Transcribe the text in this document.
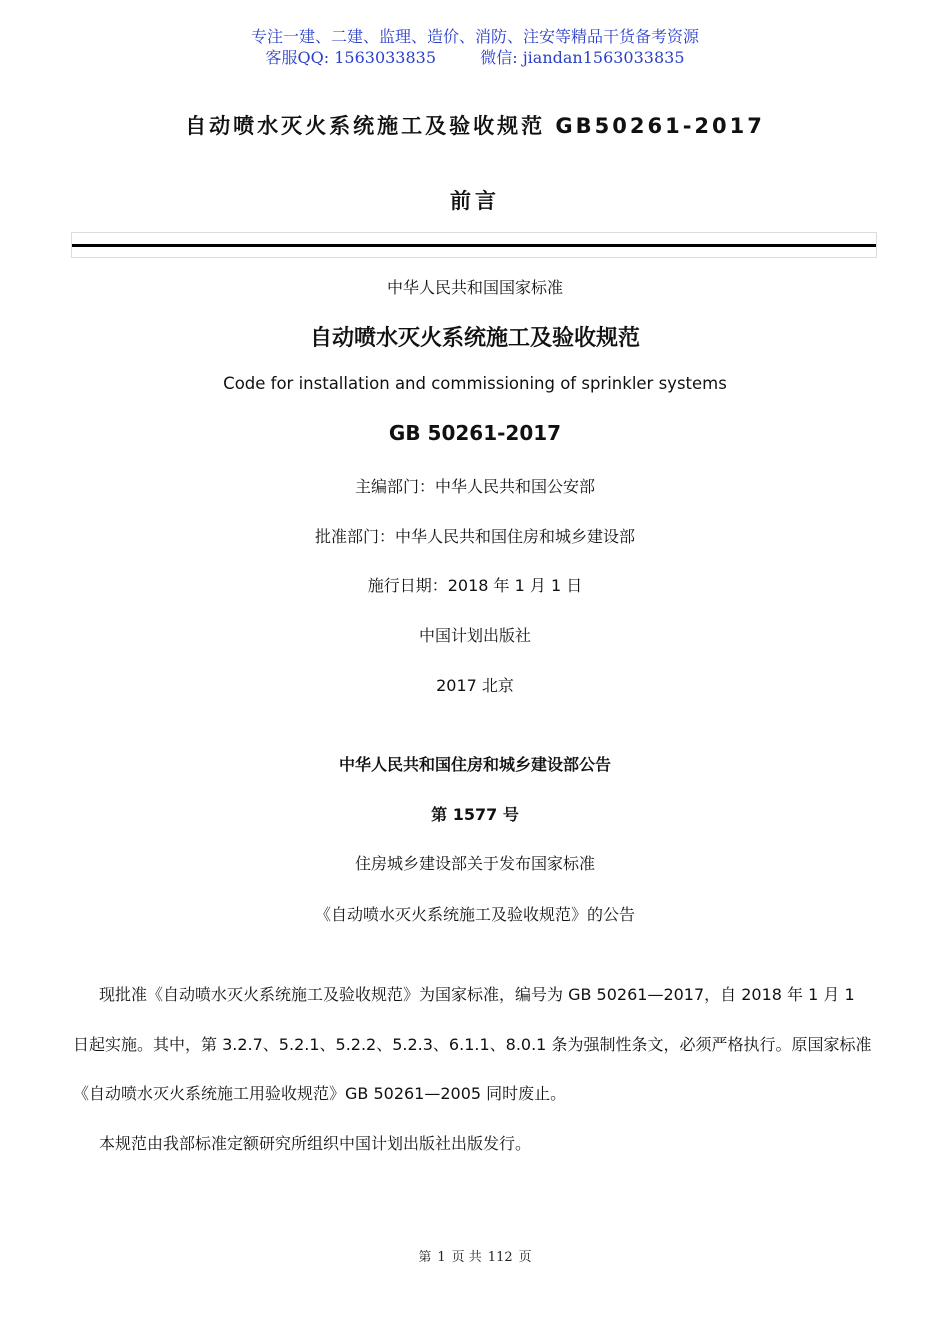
专注一建、二建、监理、造价、消防、注安等精品干货备考资源
客服QQ: 1563033835	微信: jiandan1563033835
自动喷水灭火系统施工及验收规范 GB50261-2017
前言
中华人民共和国国家标准
自动喷水灭火系统施工及验收规范
Code for installation and commissioning of sprinkler systems
GB 50261-2017
主编部门：中华人民共和国公安部
批准部门：中华人民共和国住房和城乡建设部
施行日期：2018 年 1 月 1 日
中国计划出版社
2017 北京
中华人民共和国住房和城乡建设部公告
第 1577 号
住房城乡建设部关于发布国家标准
《自动喷水灭火系统施工及验收规范》的公告
现批准《自动喷水灭火系统施工及验收规范》为国家标准，编号为 GB 50261—2017，自 2018 年 1 月 1
日起实施。其中，第 3.2.7、5.2.1、5.2.2、5.2.3、6.1.1、8.0.1 条为强制性条文，必须严格执行。原国家标准
《自动喷水灭火系统施工用验收规范》GB 50261—2005 同时废止。
本规范由我部标准定额研究所组织中国计划出版社出版发行。
第 1 页 共 112 页
